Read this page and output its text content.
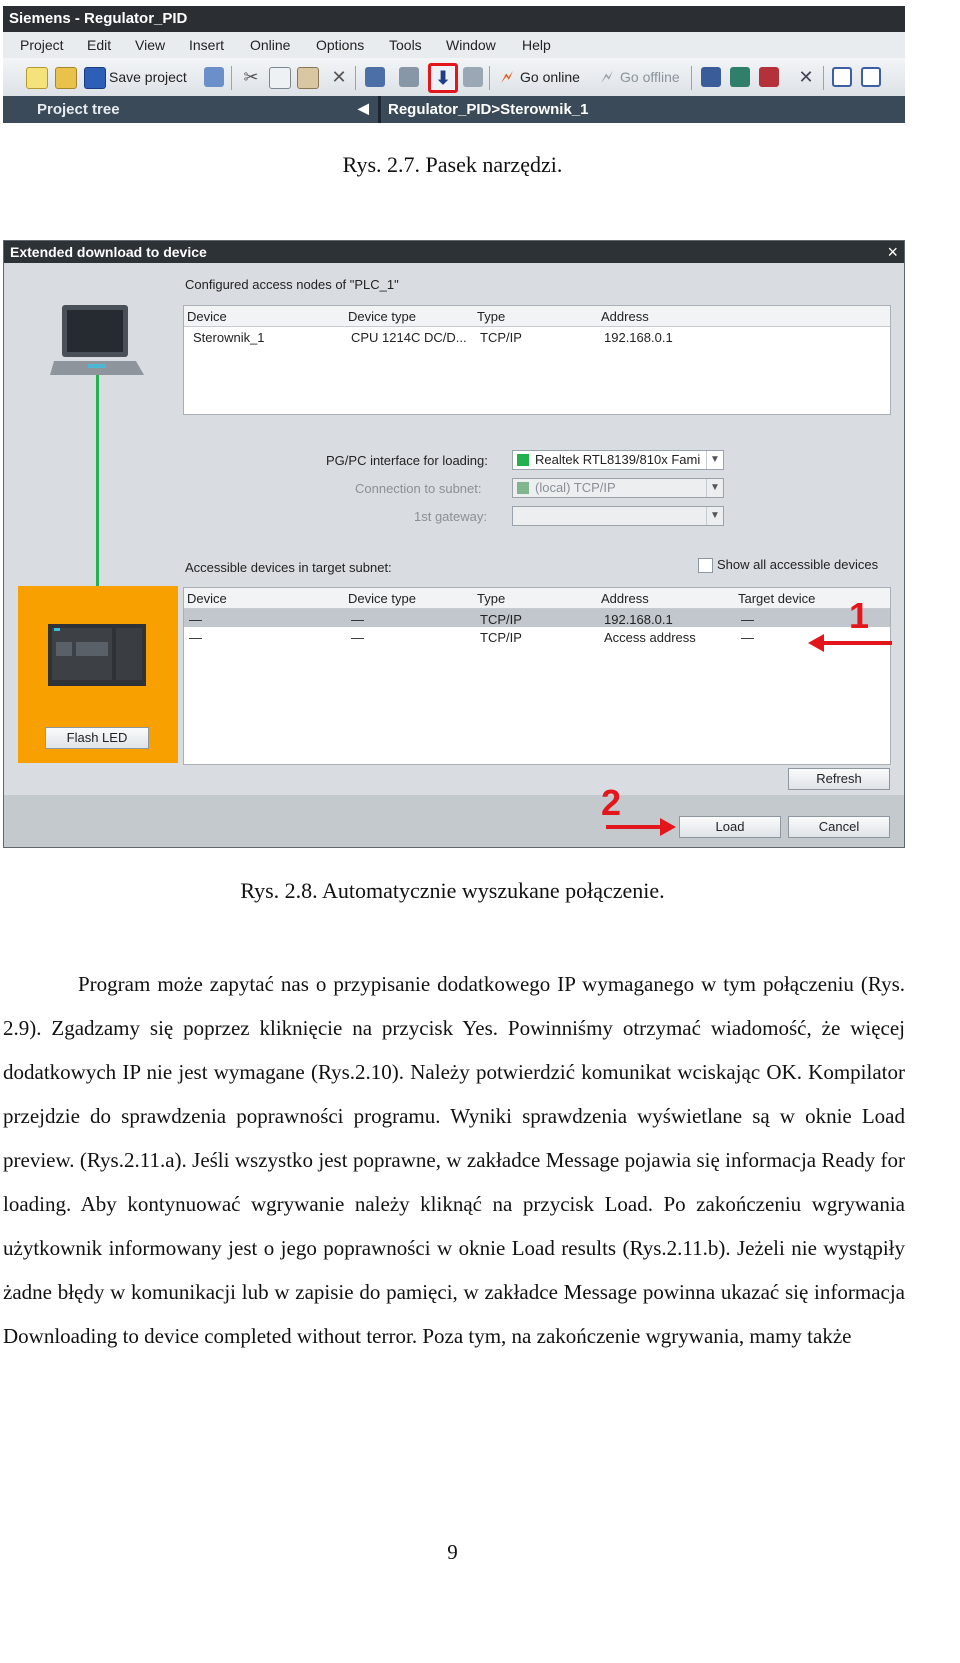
Siemens - Regulator_PID
Project Edit View Insert Online Options Tools Window Help
Save project	✂	✕	⬇	🗲 Go online 🗲 Go offline	✕
Project tree	◀ Regulator_PID>Sterownik_1
Rys. 2.7. Pasek narzędzi.
Extended download to device	×
Flash LED
Configured access nodes of "PLC_1"
Device	Device type	Type	Address
Sterownik_1	CPU 1214C DC/D... TCP/IP	192.168.0.1
PG/PC interface for loading:	Realtek RTL8139/810x Fami ▼
Connection to subnet:	(local) TCP/IP	▼
1st gateway:	▼
Accessible devices in target subnet:	Show all accessible devices
Device	Device type	Type	Address	Target device
—	—	TCP/IP	192.168.0.1	—
—	—	TCP/IP	Access address	—
1
Refresh
2
Load	Cancel
Rys. 2.8. Automatycznie wyszukane połączenie.

Program może zapytać nas o przypisanie dodatkowego IP wymaganego w tym połączeniu (Rys. 2.9). Zgadzamy się poprzez kliknięcie na przycisk Yes. Powinniśmy otrzymać wiadomość, że więcej dodatkowych IP nie jest wymagane (Rys.2.10). Należy potwierdzić komunikat wciskając OK. Kompilator przejdzie do sprawdzenia poprawności programu. Wyniki sprawdzenia wyświetlane są w oknie Load preview. (Rys.2.11.a). Jeśli wszystko jest poprawne, w zakładce Message pojawia się informacja Ready for loading. Aby kontynuować wgrywanie należy kliknąć na przycisk Load. Po zakończeniu wgrywania użytkownik informowany jest o jego poprawności w oknie Load results (Rys.2.11.b). Jeżeli nie wystąpiły żadne błędy w komunikacji lub w zapisie do pamięci, w zakładce Message powinna ukazać się informacja Downloading to device completed without terror. Poza tym, na zakończenie wgrywania, mamy także

9
